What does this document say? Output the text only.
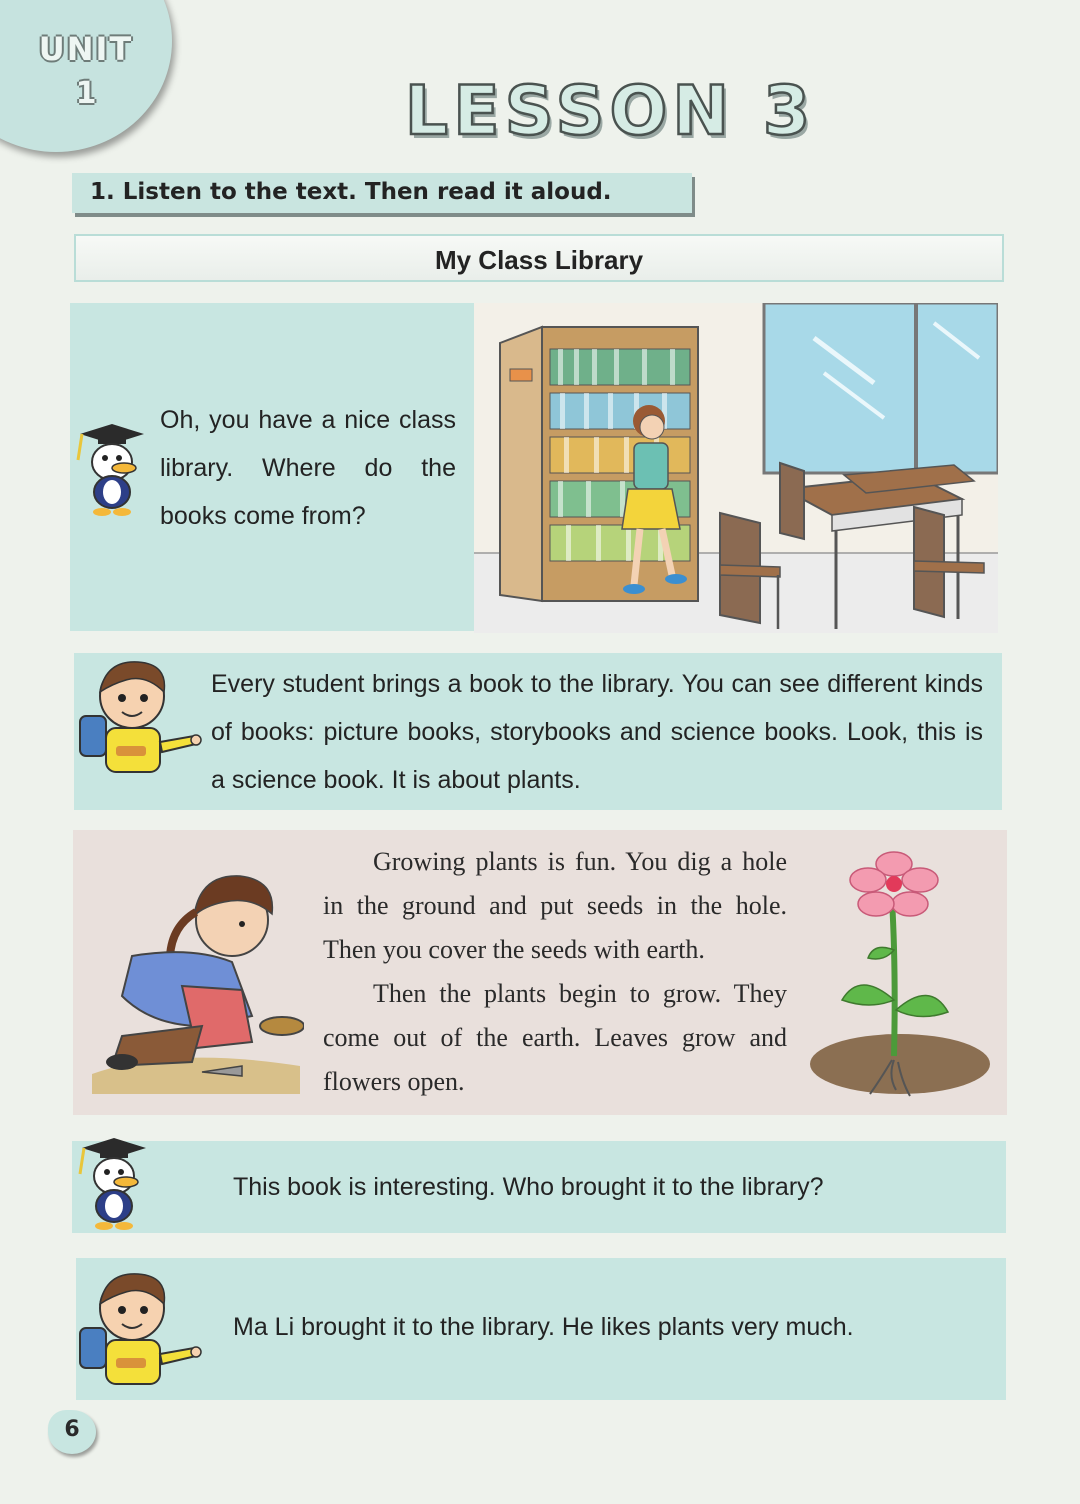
UNIT
1	LESSON 3
1. Listen to the text. Then read it aloud.
My Class Library
Oh, you have a nice class library. Where do the books come from?
Every student brings a book to the library. You can see different kinds of books: picture books, storybooks and science books. Look, this is a science book. It is about plants.

Growing plants is fun. You dig a hole in the ground and put seeds in the hole. Then you cover the seeds with earth.

Then the plants begin to grow. They come out of the earth. Leaves grow and flowers open.

This book is interesting. Who brought it to the library?
Ma Li brought it to the library. He likes plants very much.
6
